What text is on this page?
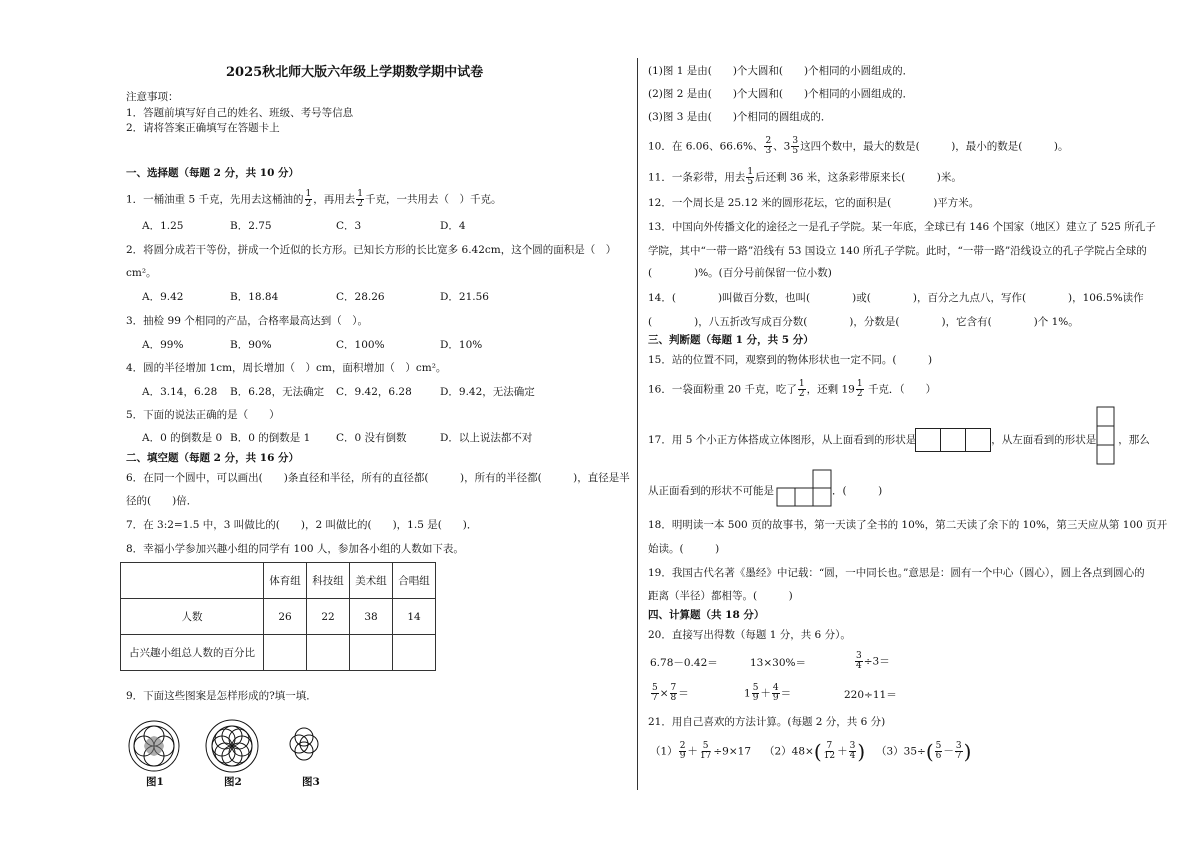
2025秋北师大版六年级上学期数学期中试卷
注意事项：
1．答题前填写好自己的姓名、班级、考号等信息
2．请将答案正确填写在答题卡上
一、选择题（每题 2 分，共 10 分）
1．一桶油重 5 千克，先用去这桶油的 $\frac{1}{2}$ ，再用去 $\frac{1}{2}$ 千克，一共用去（　）千克。
A．1.25	B．2.75	C．3	D．4
2．将圆分成若干等份，拼成一个近似的长方形。已知长方形的长比宽多 6.42cm，这个圆的面积是（　）
cm²。
A．9.42	B．18.84	C．28.26	D．21.56
3．抽检 99 个相同的产品，合格率最高达到（　）。
A．99%	B．90%	C．100%	D．10%
4．圆的半径增加 1cm，周长增加（　）cm，面积增加（　）cm²。
A．3.14，6.28 B．6.28，无法确定 C．9.42，6.28	D．9.42，无法确定
5．下面的说法正确的是（　　）
A．0 的倒数是 0 B．0 的倒数是 1 C．0 没有倒数	D．以上说法都不对
二、填空题（每题 2 分，共 16 分）
6．在同一个圆中，可以画出(　　)条直径和半径，所有的直径都(　　　)，所有的半径都(　　　)，直径是半
径的(　　)倍．
7．在 3:2=1.5 中，3 叫做比的(　　)，2 叫做比的(　　)，1.5 是(　　)．
8．幸福小学参加兴趣小组的同学有 100 人，参加各小组的人数如下表。
	体育组	科技组	美术组	合唱组
人数	26	22	38	14
占兴趣小组总人数的百分比				
9．下面这些图案是怎样形成的?填一填．
图1	图2	图3
(1)图 1 是由(　　)个大圆和(　　)个相同的小圆组成的．
(2)图 2 是由(　　)个大圆和(　　)个相同的小圆组成的．
(3)图 3 是由(　　)个相同的圆组成的．
10．在 6.06、66.6%、 $\frac{2}{3}$ 、$3 \frac{3}{5}$ 这四个数中，最大的数是(　　　)，最小的数是(　　　)。
11．一条彩带，用去 $\frac{1}{5}$ 后还剩 36 米，这条彩带原来长(　　　)米。
12．一个周长是 25.12 米的圆形花坛，它的面积是(　　　　)平方米。
13．中国向外传播文化的途径之一是孔子学院。某一年底，全球已有 146 个国家（地区）建立了 525 所孔子
学院，其中“一带一路”沿线有 53 国设立 140 所孔子学院。此时，“一带一路”沿线设立的孔子学院占全球的
(　　　　)%。(百分号前保留一位小数)
14．(　　　　)叫做百分数，也叫(　　　　)或(　　　　)，百分之九点八，写作(　　　　)，106.5%读作
(　　　　)，八五折改写成百分数(　　　　)，分数是(　　　　)，它含有(　　　　)个 1%。
三、判断题（每题 1 分，共 5 分）
15．站的位置不同，观察到的物体形状也一定不同。(　　　)
16．一袋面粉重 20 千克，吃了 $\frac{1}{2}$ ，还剩 $19 \frac{1}{2}$ 千克．（　　）
17．用 5 个小正方体搭成立体图形，从上面看到的形状是	，从左面看到的形状是 ，那么
从正面看到的形状不可能是	．(　　　)
18．明明读一本 500 页的故事书，第一天读了全书的 10%，第二天读了余下的 10%，第三天应从第 100 页开
始读。(　　　)
19．我国古代名著《墨经》中记载：“圆，一中同长也。”意思是：圆有一个中心（圆心），圆上各点到圆心的
距离（半径）都相等。(　　　)
四、计算题（共 18 分）
20．直接写出得数（每题 1 分，共 6 分）。
6.78－0.42＝	13×30%＝	$\frac{3}{4} \div 3=$
$\frac{5}{7} \times \frac{7}{8}$ ＝	$1 \frac{5}{9} + \frac{4}{9}$ ＝	220÷11＝
21．用自己喜欢的方法计算。(每题 2 分，共 6 分)
$(1) \frac{2}{9} + \frac{5}{17} \div 9\times 17$ $(2)48\times( \frac{7}{12} + \frac{3}{4}$ ) $(3)35\div( \frac{5}{6} - \frac{3}{7}$ )
